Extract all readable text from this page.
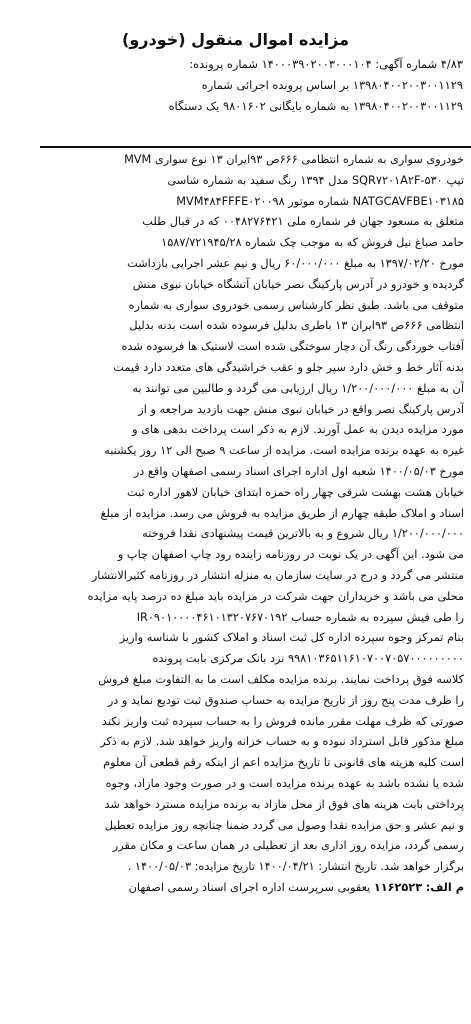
مزایده اموال منقول (خودرو)
۴/۸۳ شماره آگهی: ۱۴۰۰۰۳۹۰۲۰۰۳۰۰۰۱۰۴ شماره پرونده:
۱۳۹۸۰۴۰۰۲۰۰۳۰۰۱۱۲۹ بر اساس پرونده اجرائی شماره
۱۳۹۸۰۴۰۰۲۰۰۳۰۰۱۱۲۹ به شماره بایگانی ۹۸۰۱۶۰۲ یک دستگاه
خودروی سواری به شماره انتظامی ۶۶۶ص ۹۳ایران ۱۳ نوع سواری MVM
تیپ ۵۳۰-SQR۷۲۰۱A۲F مدل ۱۳۹۴ رنگ سفید به شماره شاسی
NATGCAVFBE۱۰۳۱۸۵ شماره موتور MVM۴۸۴FFFE۰۲۰۰۹۸
متعلق به مسعود جهان فر شماره ملی ۰۰۴۸۲۷۶۴۲۱ که در قبال طلب
حامد صباغ نیل فروش که به موجب چک شماره ۱۵۸۷/۷۲۱۹۴۵/۲۸
مورخ ۱۳۹۷/۰۲/۲۰ به مبلغ ۶۰/۰۰۰/۰۰۰ ریال و نیم عشر اجرایی بازداشت
گردیده و خودرو در آدرس پارکینگ نصر خیابان آتشگاه خیابان نبوی منش
متوقف می باشد. طبق نظر کارشناس رسمی خودروی سواری به شماره
انتظامی ۶۶۶ص ۹۳ایران ۱۳ باطری بدلیل فرسوده شده است بدنه بدلیل
آفتاب خوردگی رنگ آن دچار سوختگی شده است لاستیک ها فرسوده شده
بدنه آثار خط و خش دارد سپر جلو و عقب خراشیدگی های متعدد دارد قیمت
آن به مبلغ ۱/۲۰۰/۰۰۰/۰۰۰ ریال ارزیابی می گردد و طالبین می توانند به
آدرس پارکینگ نصر واقع در خیابان نبوی منش جهت بازدید مراجعه و از
مورد مزایده دیدن به عمل آورند. لازم به ذکر است پرداخت بدهی های و
غیره به عهده برنده مزایده است. مزایده از ساعت ۹ صبح الی ۱۲ روز یکشنبه
مورخ ۱۴۰۰/۰۵/۰۳ شعبه اول اداره اجرای اسناد رسمی اصفهان واقع در
خیابان هشت بهشت شرقی چهار راه حمزه ابتدای خیابان لاهور اداره ثبت
اسناد و املاک طبقه چهارم از طریق مزایده به فروش می رسد. مزایده از مبلغ
۱/۲۰۰/۰۰۰/۰۰۰ ریال شروع و به بالاترین قیمت پیشنهادی نقدا فروخته
می شود. این آگهی در یک نوبت در روزنامه زاینده رود چاپ اصفهان چاپ و
منتشر می گردد و درج در سایت سازمان به منزله انتشار در روزنامه کثیرالانتشار
محلی می باشد و خریداران جهت شرکت در مزایده باید مبلغ ده درصد پایه مزایده
را طی فیش سپرده به شماره حساب IR۰۹۰۱۰۰۰۰۴۶۱۰۱۳۲۰۷۶۷۰۱۹۲
بنام تمرکز وجوه سپرده اداره کل ثبت اسناد و املاک کشور با شناسه واریز
۹۹۸۱۰۳۶۵۱۱۶۱۰۷۰۰۷۰۵۷۰۰۰۰۰۰۰۰۰ نزد بانک مرکزی بابت پرونده
کلاسه فوق پرداخت نمایند. برنده مزایده مکلف است ما به التفاوت مبلغ فروش
را ظرف مدت پنج روز از تاریخ مزایده به حساب صندوق ثبت تودیع نماید و در
صورتی که ظرف مهلت مقرر مانده فروش را به حساب سپرده ثبت واریز نکند
مبلغ مذکور قابل استرداد نبوده و به حساب خزانه واریز خواهد شد. لازم به ذکر
است کلیه هزینه های قانونی تا تاریخ مزایده اعم از اینکه رقم قطعی آن معلوم
شده یا نشده باشد به عهده برنده مزایده است و در صورت وجود مازاد، وجوه
پرداختی بابت هزینه های فوق از محل مازاد به برنده مزایده مسترد خواهد شد
و نیم عشر و حق مزایده نقدا وصول می گردد ضمنا چنانچه روز مزایده تعطیل
رسمی گردد، مزایده روز اداری بعد از تعطیلی در همان ساعت و مکان مقرر
برگزار خواهد شد. تاریخ انتشار: ۱۴۰۰/۰۴/۲۱ تاریخ مزایده: ۱۴۰۰/۰۵/۰۳ .
م الف: ۱۱۶۲۵۲۳ یعقوبی سرپرست اداره اجرای اسناد رسمی اصفهان
